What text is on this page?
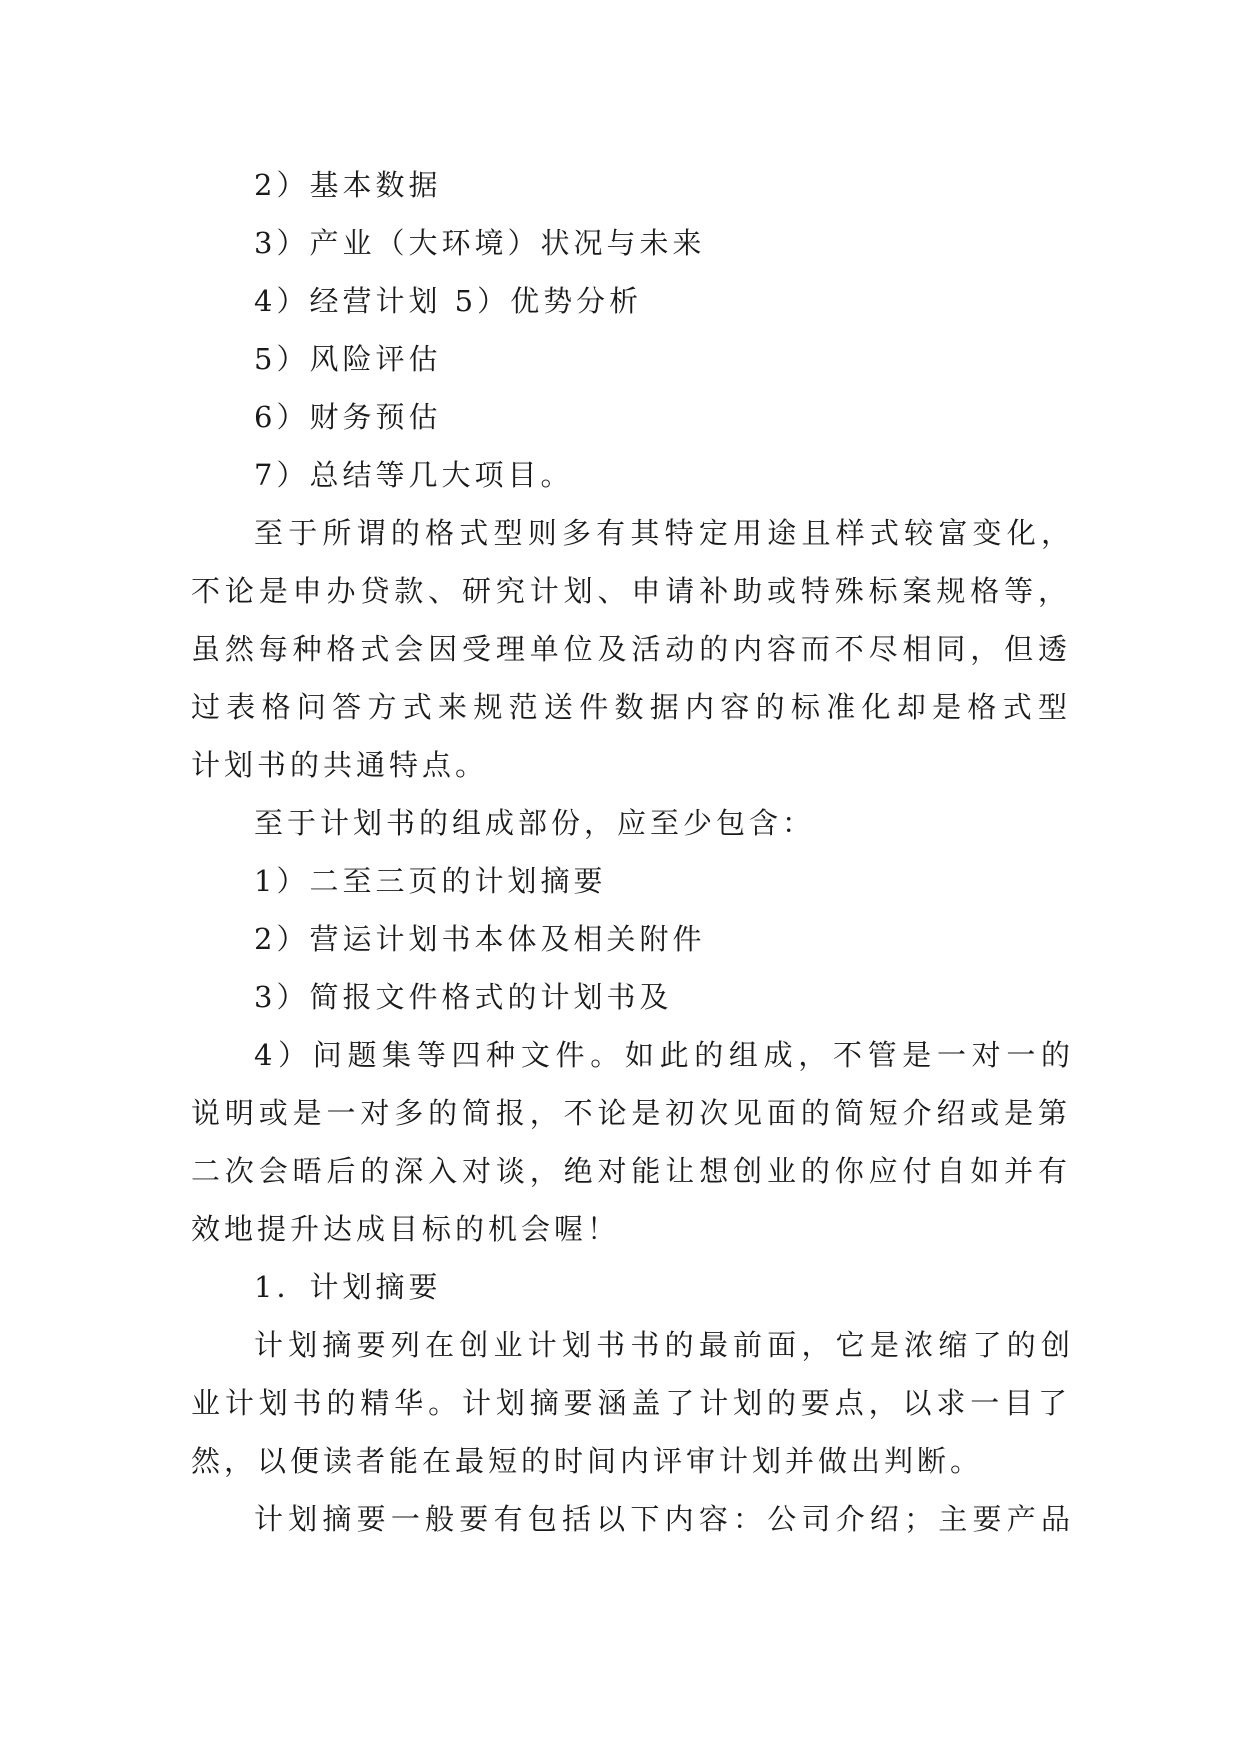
2）基本数据
3）产业（大环境）状况与未来
4）经营计划 5）优势分析
5）风险评估
6）财务预估
7）总结等几大项目。
至于所谓的格式型则多有其特定用途且样式较富变化，
不论是申办贷款、研究计划、申请补助或特殊标案规格等，
虽然每种格式会因受理单位及活动的内容而不尽相同，但透
过表格问答方式来规范送件数据内容的标准化却是格式型
计划书的共通特点。
至于计划书的组成部份，应至少包含：
1）二至三页的计划摘要
2）营运计划书本体及相关附件
3）简报文件格式的计划书及
4）问题集等四种文件。如此的组成，不管是一对一的
说明或是一对多的简报，不论是初次见面的简短介绍或是第
二次会晤后的深入对谈，绝对能让想创业的你应付自如并有
效地提升达成目标的机会喔！
1．计划摘要
计划摘要列在创业计划书书的最前面，它是浓缩了的创
业计划书的精华。计划摘要涵盖了计划的要点，以求一目了
然，以便读者能在最短的时间内评审计划并做出判断。
计划摘要一般要有包括以下内容：公司介绍；主要产品
